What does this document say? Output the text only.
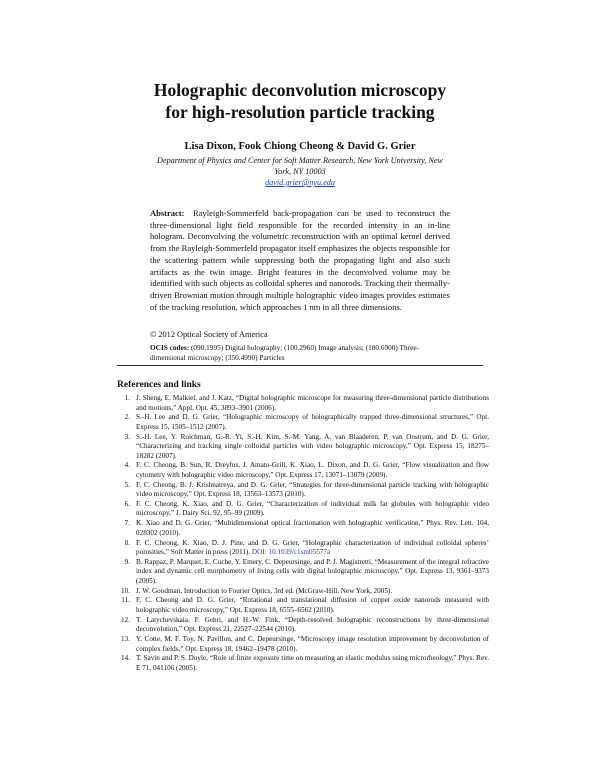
Holographic deconvolution microscopy
for high-resolution particle tracking
Lisa Dixon, Fook Chiong Cheong & David G. Grier
Department of Physics and Center for Soft Matter Research, New York University, New York, NY 10003
david.grier@nyu.edu
Abstract: Rayleigh-Sommerfeld back-propagation can be used to reconstruct the three-dimensional light field responsible for the recorded intensity in an in-line hologram. Deconvolving the volumetric reconstruction with an optimal kernel derived from the Rayleigh-Sommerfeld propagator itself emphasizes the objects responsible for the scattering pattern while suppressing both the propagating light and also such artifacts as the twin image. Bright features in the deconvolved volume may be identified with such objects as colloidal spheres and nanorods. Tracking their thermally-driven Brownian motion through multiple holographic video images provides estimates of the tracking resolution, which approaches 1 nm in all three dimensions.
© 2012 Optical Society of America
OCIS codes: (090.1995) Digital holography; (100.2960) Image analysis; (180.6900) Three-dimensional microscopy; (350.4990) Particles
References and links
1. J. Sheng, E. Malkiel, and J. Katz, “Digital holographic microscope for measuring three-dimensional particle distributions and motions,” Appl. Opt. 45, 3893–3901 (2006).
2. S.-H. Lee and D. G. Grier, “Holographic microscopy of holographically trapped three-dimensional structures,” Opt. Express 15, 1505–1512 (2007).
3. S.-H. Lee, Y. Roichman, G.-R. Yi, S.-H. Kim, S.-M. Yang, A. van Blaaderen, P. van Oostrum, and D. G. Grier, “Characterizing and tracking single colloidal particles with video holographic microscopy,” Opt. Express 15, 18275–18282 (2007).
4. F. C. Cheong, B. Sun, R. Dreyfus, J. Amato-Grill, K. Xiao, L. Dixon, and D. G. Grier, “Flow visualization and flow cytometry with holographic video microscopy,” Opt. Express 17, 13071–13079 (2009).
5. F. C. Cheong, B. J. Krishnatreya, and D. G. Grier, “Strategies for three-dimensional particle tracking with holographic video microscopy,” Opt. Express 18, 13563–13573 (2010).
6. F. C. Cheong, K. Xiao, and D. G. Grier, “Characterization of individual milk fat globules with holographic video microscopy,” J. Dairy Sci. 92, 95–99 (2009).
7. K. Xiao and D. G. Grier, “Multidimensional optical fractionation with holographic verification,” Phys. Rev. Lett. 104, 028302 (2010).
8. F. C. Cheong, K. Xiao, D. J. Pine, and D. G. Grier, “Holographic characterization of individual colloidal spheres’ porosities,” Soft Matter in press (2011). DOI: 10.1039/c1sm05577a
9. B. Rappaz, P. Marquet, E. Cuche, Y. Emery, C. Depeursinge, and P. J. Magistretti, “Measurement of the integral refractive index and dynamic cell morphometry of living cells with digital holographic microscopy,” Opt. Express 13, 9361–9373 (2005).
10. J. W. Goodman, Introduction to Fourier Optics, 3rd ed. (McGraw-Hill, New York, 2005).
11. F. C. Cheong and D. G. Grier, “Rotational and translational diffusion of copper oxide nanorods measured with holographic video microscopy,” Opt. Express 18, 6555–6562 (2010).
12. T. Latychevskaia, F. Gehri, and H.-W. Fink, “Depth-resolved holographic reconstructions by three-dimensional deconvolution,” Opt. Express 21, 22527–22544 (2010).
13. Y. Cotte, M. F. Toy, N. Pavillon, and C. Depeursinge, “Microscopy image resolution improvement by deconvolution of complex fields,” Opt. Express 18, 19462–19478 (2010).
14. T. Savin and P. S. Doyle, “Role of finite exposure time on measuring an elastic modulus using microrheology,” Phys. Rev. E 71, 041106 (2005).
